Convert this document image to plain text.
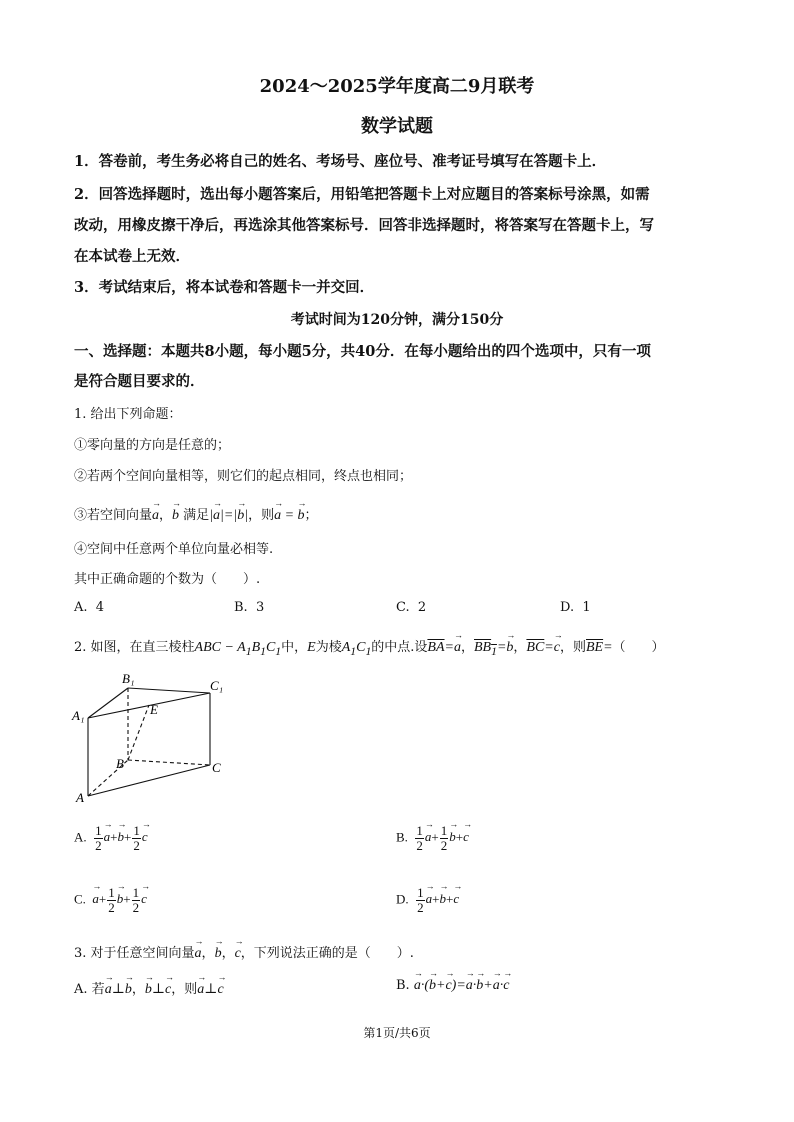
2024～2025学年度高二9月联考
数学试题
1．答卷前，考生务必将自己的姓名、考场号、座位号、准考证号填写在答题卡上．
2．回答选择题时，选出每小题答案后，用铅笔把答题卡上对应题目的答案标号涂黑，如需
改动，用橡皮擦干净后，再选涂其他答案标号．回答非选择题时，将答案写在答题卡上，写
在本试卷上无效．
3．考试结束后，将本试卷和答题卡一并交回．
考试时间为120分钟，满分150分
一、选择题：本题共8小题，每小题5分，共40分．在每小题给出的四个选项中，只有一项
是符合题目要求的．
1. 给出下列命题：
①零向量的方向是任意的；
②若两个空间向量相等，则它们的起点相同，终点也相同；
③若空间向量a →，b → 满足|a →|=|b →|，则a → = b →；
④空间中任意两个单位向量必相等.
其中正确命题的个数为（　　）.
A. 4	B. 3	C. 2	D. 1
2. 如图，在直三棱柱ABC − $A_1B_1C_1$中，E为棱$A_1C_1$的中点.设$\overline{BA}=a$ →，$BB_1=b$ →，$\overline{BC}=c$ →，则$\overline{BE}=$（　　）
B₁	C₁
A₁	E
B	C
A
A. $\frac{1}{2}$ $a \to+b \to+ \frac{1}{2}$ c →	B. $\frac{1}{2}$ $a \to+ \frac{1}{2}$ b →+c →
C. $a \to+ \frac{1}{2}$ $b \to+ \frac{1}{2}$ c →	D. $\frac{1}{2}$ a →+b →+c →
3. 对于任意空间向量a →，b →，c →，下列说法正确的是（　　）.
A. 若a →⊥b →，b →⊥c →，则a →⊥c →	B. a →·(b →+c →)=a →·b →+a →·c →
第1页/共6页
